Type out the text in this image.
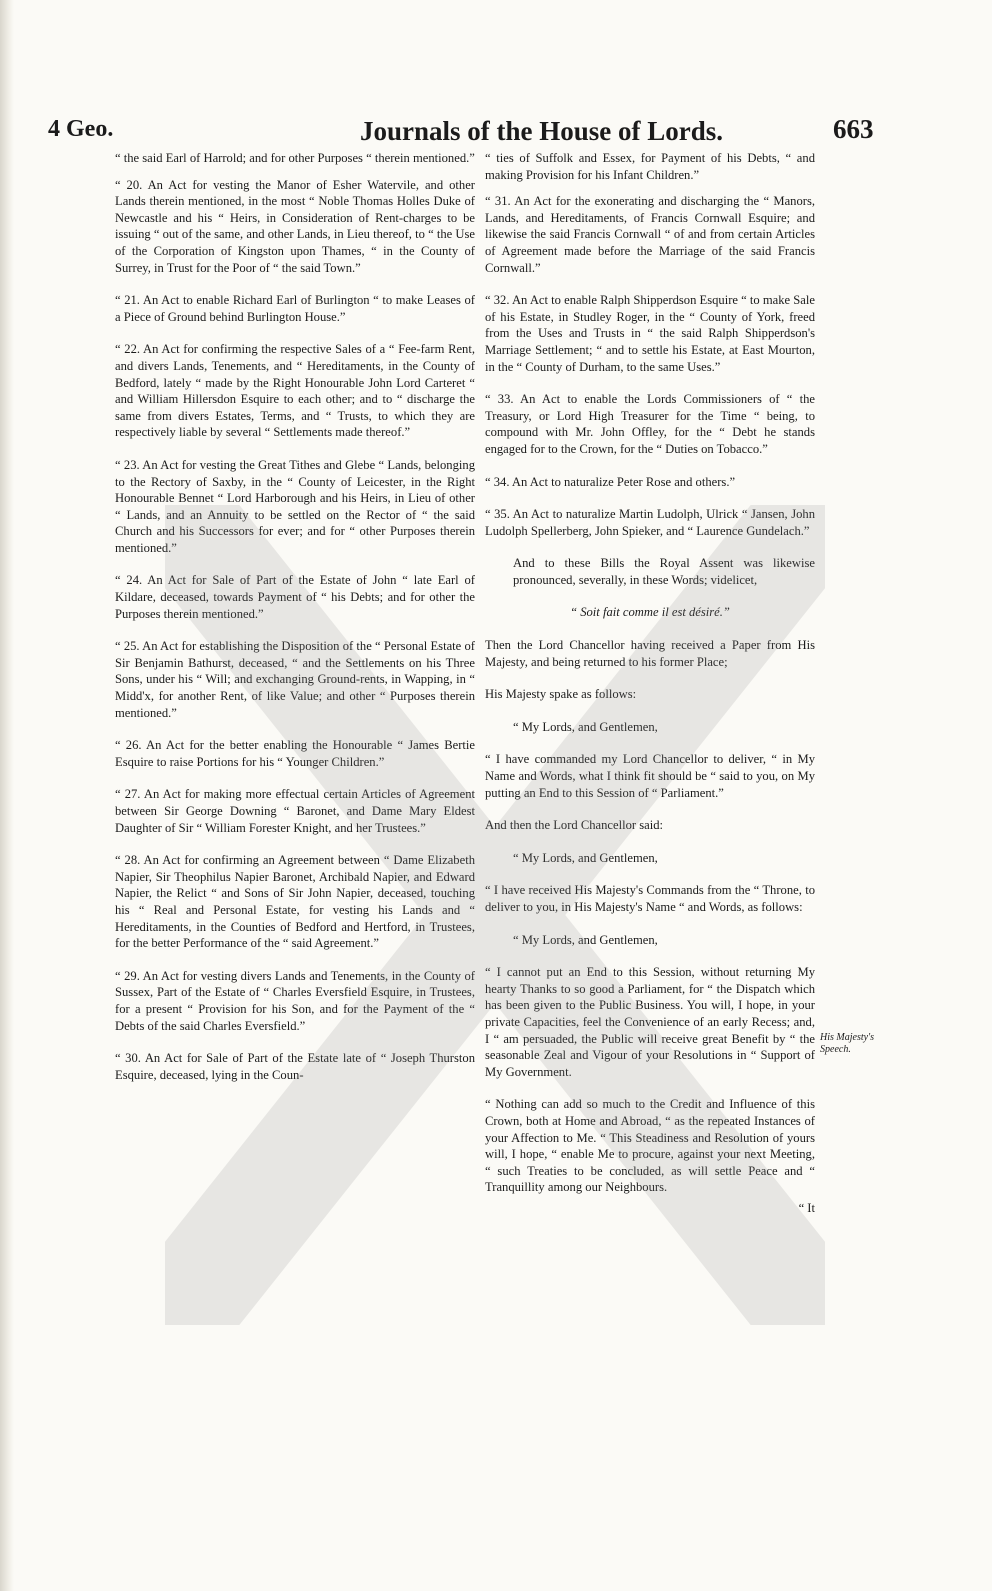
4 Geo.	Journals of the House of Lords.	663

“ the said Earl of Harrold; and for other Purposes “ therein mentioned.”

“ 20. An Act for vesting the Manor of Esher Watervile, and other Lands therein mentioned, in the most “ Noble Thomas Holles Duke of Newcastle and his “ Heirs, in Consideration of Rent-charges to be issuing “ out of the same, and other Lands, in Lieu thereof, to “ the Use of the Corporation of Kingston upon Thames, “ in the County of Surrey, in Trust for the Poor of “ the said Town.”

“ 21. An Act to enable Richard Earl of Burlington “ to make Leases of a Piece of Ground behind Burlington House.”

“ 22. An Act for confirming the respective Sales of a “ Fee-farm Rent, and divers Lands, Tenements, and “ Hereditaments, in the County of Bedford, lately “ made by the Right Honourable John Lord Carteret “ and William Hillersdon Esquire to each other; and to “ discharge the same from divers Estates, Terms, and “ Trusts, to which they are respectively liable by several “ Settlements made thereof.”

“ 23. An Act for vesting the Great Tithes and Glebe “ Lands, belonging to the Rectory of Saxby, in the “ County of Leicester, in the Right Honourable Bennet “ Lord Harborough and his Heirs, in Lieu of other “ Lands, and an Annuity to be settled on the Rector of “ the said Church and his Successors for ever; and for “ other Purposes therein mentioned.”

“ 24. An Act for Sale of Part of the Estate of John “ late Earl of Kildare, deceased, towards Payment of “ his Debts; and for other the Purposes therein mentioned.”

“ 25. An Act for establishing the Disposition of the “ Personal Estate of Sir Benjamin Bathurst, deceased, “ and the Settlements on his Three Sons, under his “ Will; and exchanging Ground-rents, in Wapping, in “ Midd'x, for another Rent, of like Value; and other “ Purposes therein mentioned.”

“ 26. An Act for the better enabling the Honourable “ James Bertie Esquire to raise Portions for his “ Younger Children.”

“ 27. An Act for making more effectual certain Articles of Agreement between Sir George Downing “ Baronet, and Dame Mary Eldest Daughter of Sir “ William Forester Knight, and her Trustees.”

“ 28. An Act for confirming an Agreement between “ Dame Elizabeth Napier, Sir Theophilus Napier Baronet, Archibald Napier, and Edward Napier, the Relict “ and Sons of Sir John Napier, deceased, touching his “ Real and Personal Estate, for vesting his Lands and “ Hereditaments, in the Counties of Bedford and Hertford, in Trustees, for the better Performance of the “ said Agreement.”

“ 29. An Act for vesting divers Lands and Tenements, in the County of Sussex, Part of the Estate of “ Charles Eversfield Esquire, in Trustees, for a present “ Provision for his Son, and for the Payment of the “ Debts of the said Charles Eversfield.”

“ 30. An Act for Sale of Part of the Estate late of “ Joseph Thurston Esquire, deceased, lying in the Coun-

“ ties of Suffolk and Essex, for Payment of his Debts, “ and making Provision for his Infant Children.”

“ 31. An Act for the exonerating and discharging the “ Manors, Lands, and Hereditaments, of Francis Cornwall Esquire; and likewise the said Francis Cornwall “ of and from certain Articles of Agreement made before the Marriage of the said Francis Cornwall.”

“ 32. An Act to enable Ralph Shipperdson Esquire “ to make Sale of his Estate, in Studley Roger, in the “ County of York, freed from the Uses and Trusts in “ the said Ralph Shipperdson's Marriage Settlement; “ and to settle his Estate, at East Mourton, in the “ County of Durham, to the same Uses.”

“ 33. An Act to enable the Lords Commissioners of “ the Treasury, or Lord High Treasurer for the Time “ being, to compound with Mr. John Offley, for the “ Debt he stands engaged for to the Crown, for the “ Duties on Tobacco.”

“ 34. An Act to naturalize Peter Rose and others.”

“ 35. An Act to naturalize Martin Ludolph, Ulrick “ Jansen, John Ludolph Spellerberg, John Spieker, and “ Laurence Gundelach.”

And to these Bills the Royal Assent was likewise pronounced, severally, in these Words; videlicet,

“ Soit fait comme il est désiré.”

Then the Lord Chancellor having received a Paper from His Majesty, and being returned to his former Place;

His Majesty spake as follows:

“ My Lords, and Gentlemen,

“ I have commanded my Lord Chancellor to deliver, “ in My Name and Words, what I think fit should be “ said to you, on My putting an End to this Session of “ Parliament.”

And then the Lord Chancellor said:

“ My Lords, and Gentlemen,

“ I have received His Majesty's Commands from the “ Throne, to deliver to you, in His Majesty's Name “ and Words, as follows:

“ My Lords, and Gentlemen,

“ I cannot put an End to this Session, without returning My hearty Thanks to so good a Parliament, for “ the Dispatch which has been given to the Public Business. You will, I hope, in your private Capacities, feel the Convenience of an early Recess; and, I “ am persuaded, the Public will receive great Benefit by “ the seasonable Zeal and Vigour of your Resolutions in “ Support of My Government.

“ Nothing can add so much to the Credit and Influence of this Crown, both at Home and Abroad, “ as the repeated Instances of your Affection to Me. “ This Steadiness and Resolution of yours will, I hope, “ enable Me to procure, against your next Meeting, “ such Treaties to be concluded, as will settle Peace and “ Tranquillity among our Neighbours.

“ It

His Majesty's Speech.
